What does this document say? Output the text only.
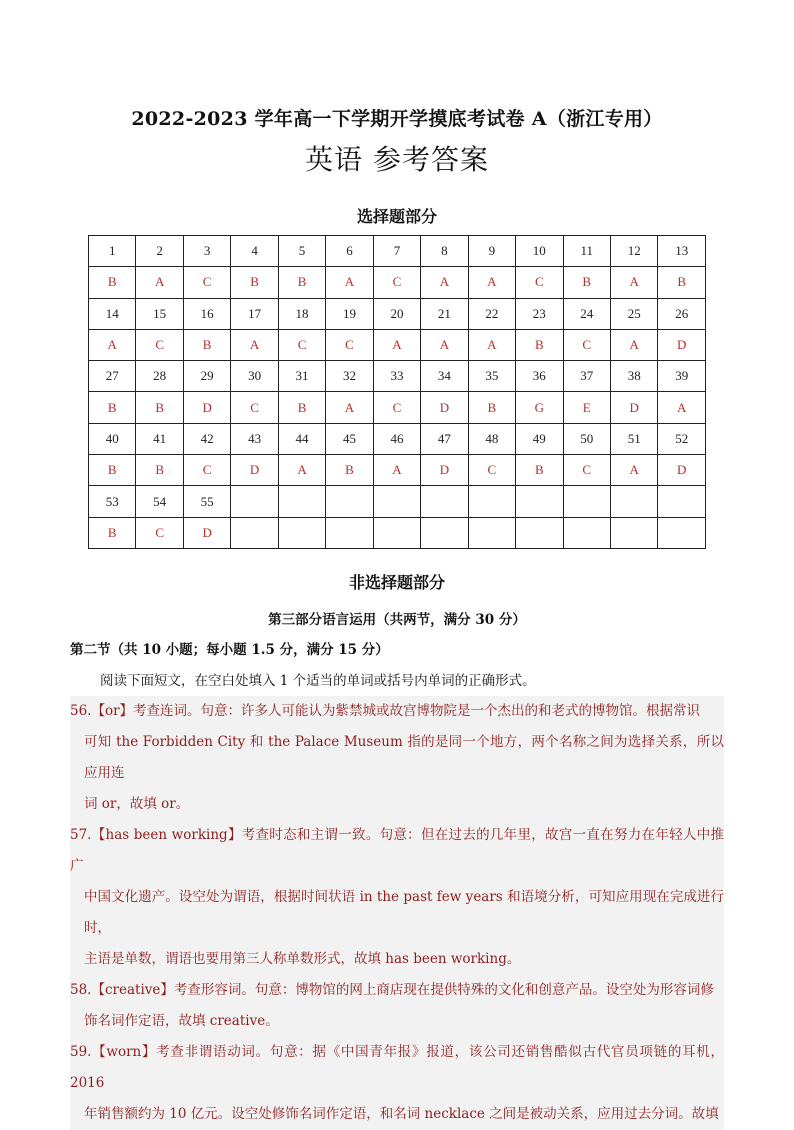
2022-2023 学年高一下学期开学摸底考试卷 A（浙江专用）
英语 参考答案
选择题部分
1	2	3	4	5	6	7	8	9	10	11	12	13
B	A	C	B	B	A	C	A	A	C	B	A	B
14	15	16	17	18	19	20	21	22	23	24	25	26
A	C	B	A	C	C	A	A	A	B	C	A	D
27	28	29	30	31	32	33	34	35	36	37	38	39
B	B	D	C	B	A	C	D	B	G	E	D	A
40	41	42	43	44	45	46	47	48	49	50	51	52
B	B	C	D	A	B	A	D	C	B	C	A	D
53	54	55										
B	C	D										
非选择题部分
第三部分语言运用（共两节，满分 30 分）
第二节（共 10 小题；每小题 1.5 分，满分 15 分）
阅读下面短文，在空白处填入 1 个适当的单词或括号内单词的正确形式。
56.【or】考查连词。句意：许多人可能认为紫禁城或故宫博物院是一个杰出的和老式的博物馆。根据常识
可知 the Forbidden City 和 the Palace Museum 指的是同一个地方，两个名称之间为选择关系，所以应用连
词 or，故填 or。
57.【has been working】考查时态和主谓一致。句意：但在过去的几年里，故宫一直在努力在年轻人中推广
中国文化遗产。设空处为谓语，根据时间状语 in the past few years 和语境分析，可知应用现在完成进行时，
主语是单数，谓语也要用第三人称单数形式，故填 has been working。
58.【creative】考查形容词。句意：博物馆的网上商店现在提供特殊的文化和创意产品。设空处为形容词修
饰名词作定语，故填 creative。
59.【worn】考查非谓语动词。句意：据《中国青年报》报道，该公司还销售酷似古代官员项链的耳机，2016
年销售额约为 10 亿元。设空处修饰名词作定语，和名词 necklace 之间是被动关系，应用过去分词。故填
